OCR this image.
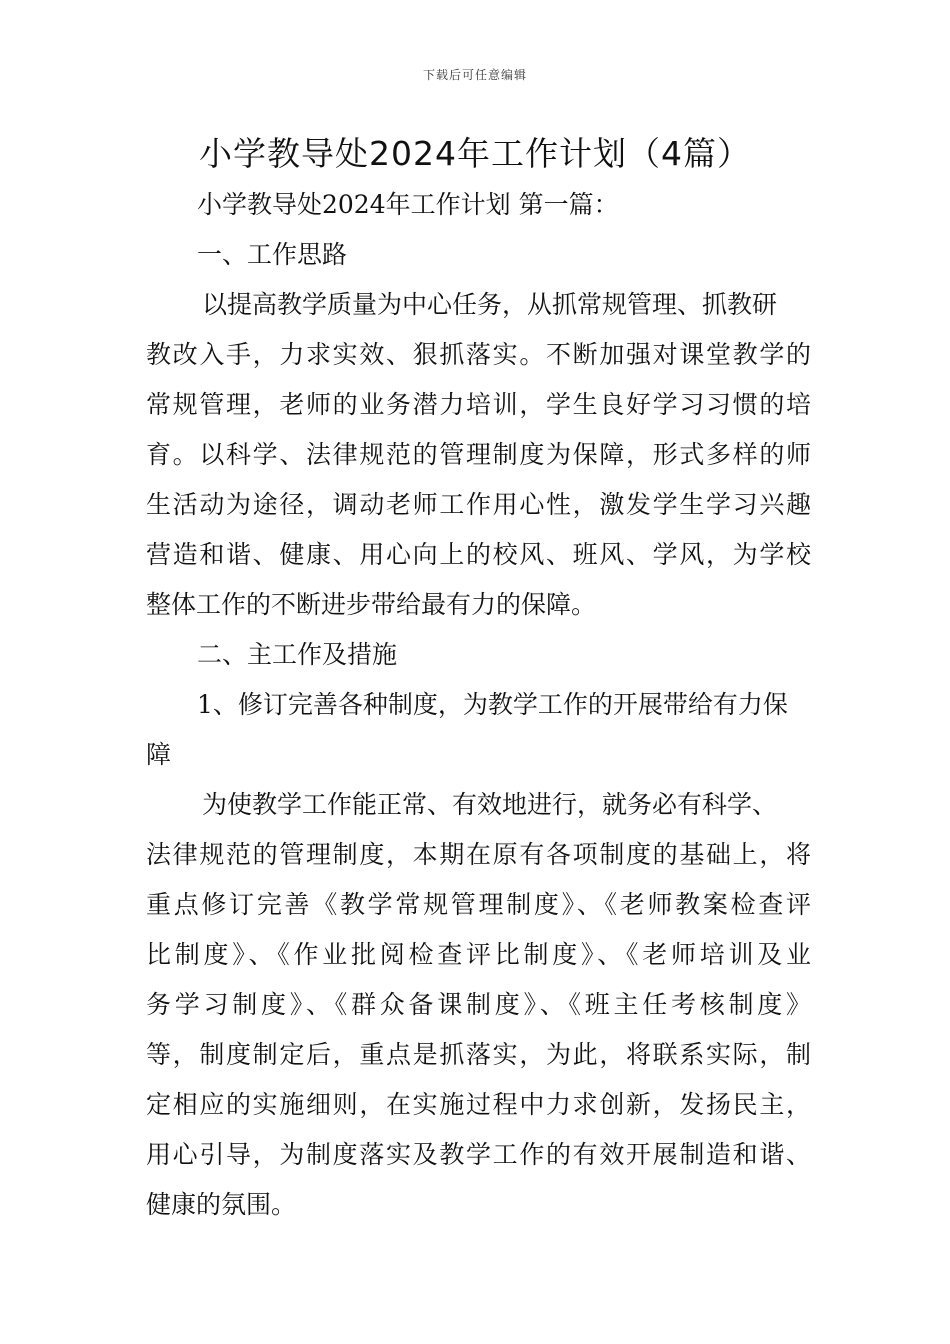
下载后可任意编辑
小学教导处2024年工作计划（4篇）
小学教导处2024年工作计划 第一篇：
一、工作思路
以提高教学质量为中心任务，从抓常规管理、抓教研
教改入手，力求实效、狠抓落实。不断加强对课堂教学的
常规管理，老师的业务潜力培训，学生良好学习习惯的培
育。以科学、法律规范的管理制度为保障，形式多样的师
生活动为途径，调动老师工作用心性，激发学生学习兴趣
营造和谐、健康、用心向上的校风、班风、学风，为学校
整体工作的不断进步带给最有力的保障。
二、主工作及措施
1、修订完善各种制度，为教学工作的开展带给有力保
障
为使教学工作能正常、有效地进行，就务必有科学、
法律规范的管理制度，本期在原有各项制度的基础上，将
重点修订完善《教学常规管理制度》、《老师教案检查评
比制度》、《作业批阅检查评比制度》、《老师培训及业
务学习制度》、《群众备课制度》、《班主任考核制度》
等，制度制定后，重点是抓落实，为此，将联系实际，制
定相应的实施细则，在实施过程中力求创新，发扬民主，
用心引导，为制度落实及教学工作的有效开展制造和谐、
健康的氛围。
